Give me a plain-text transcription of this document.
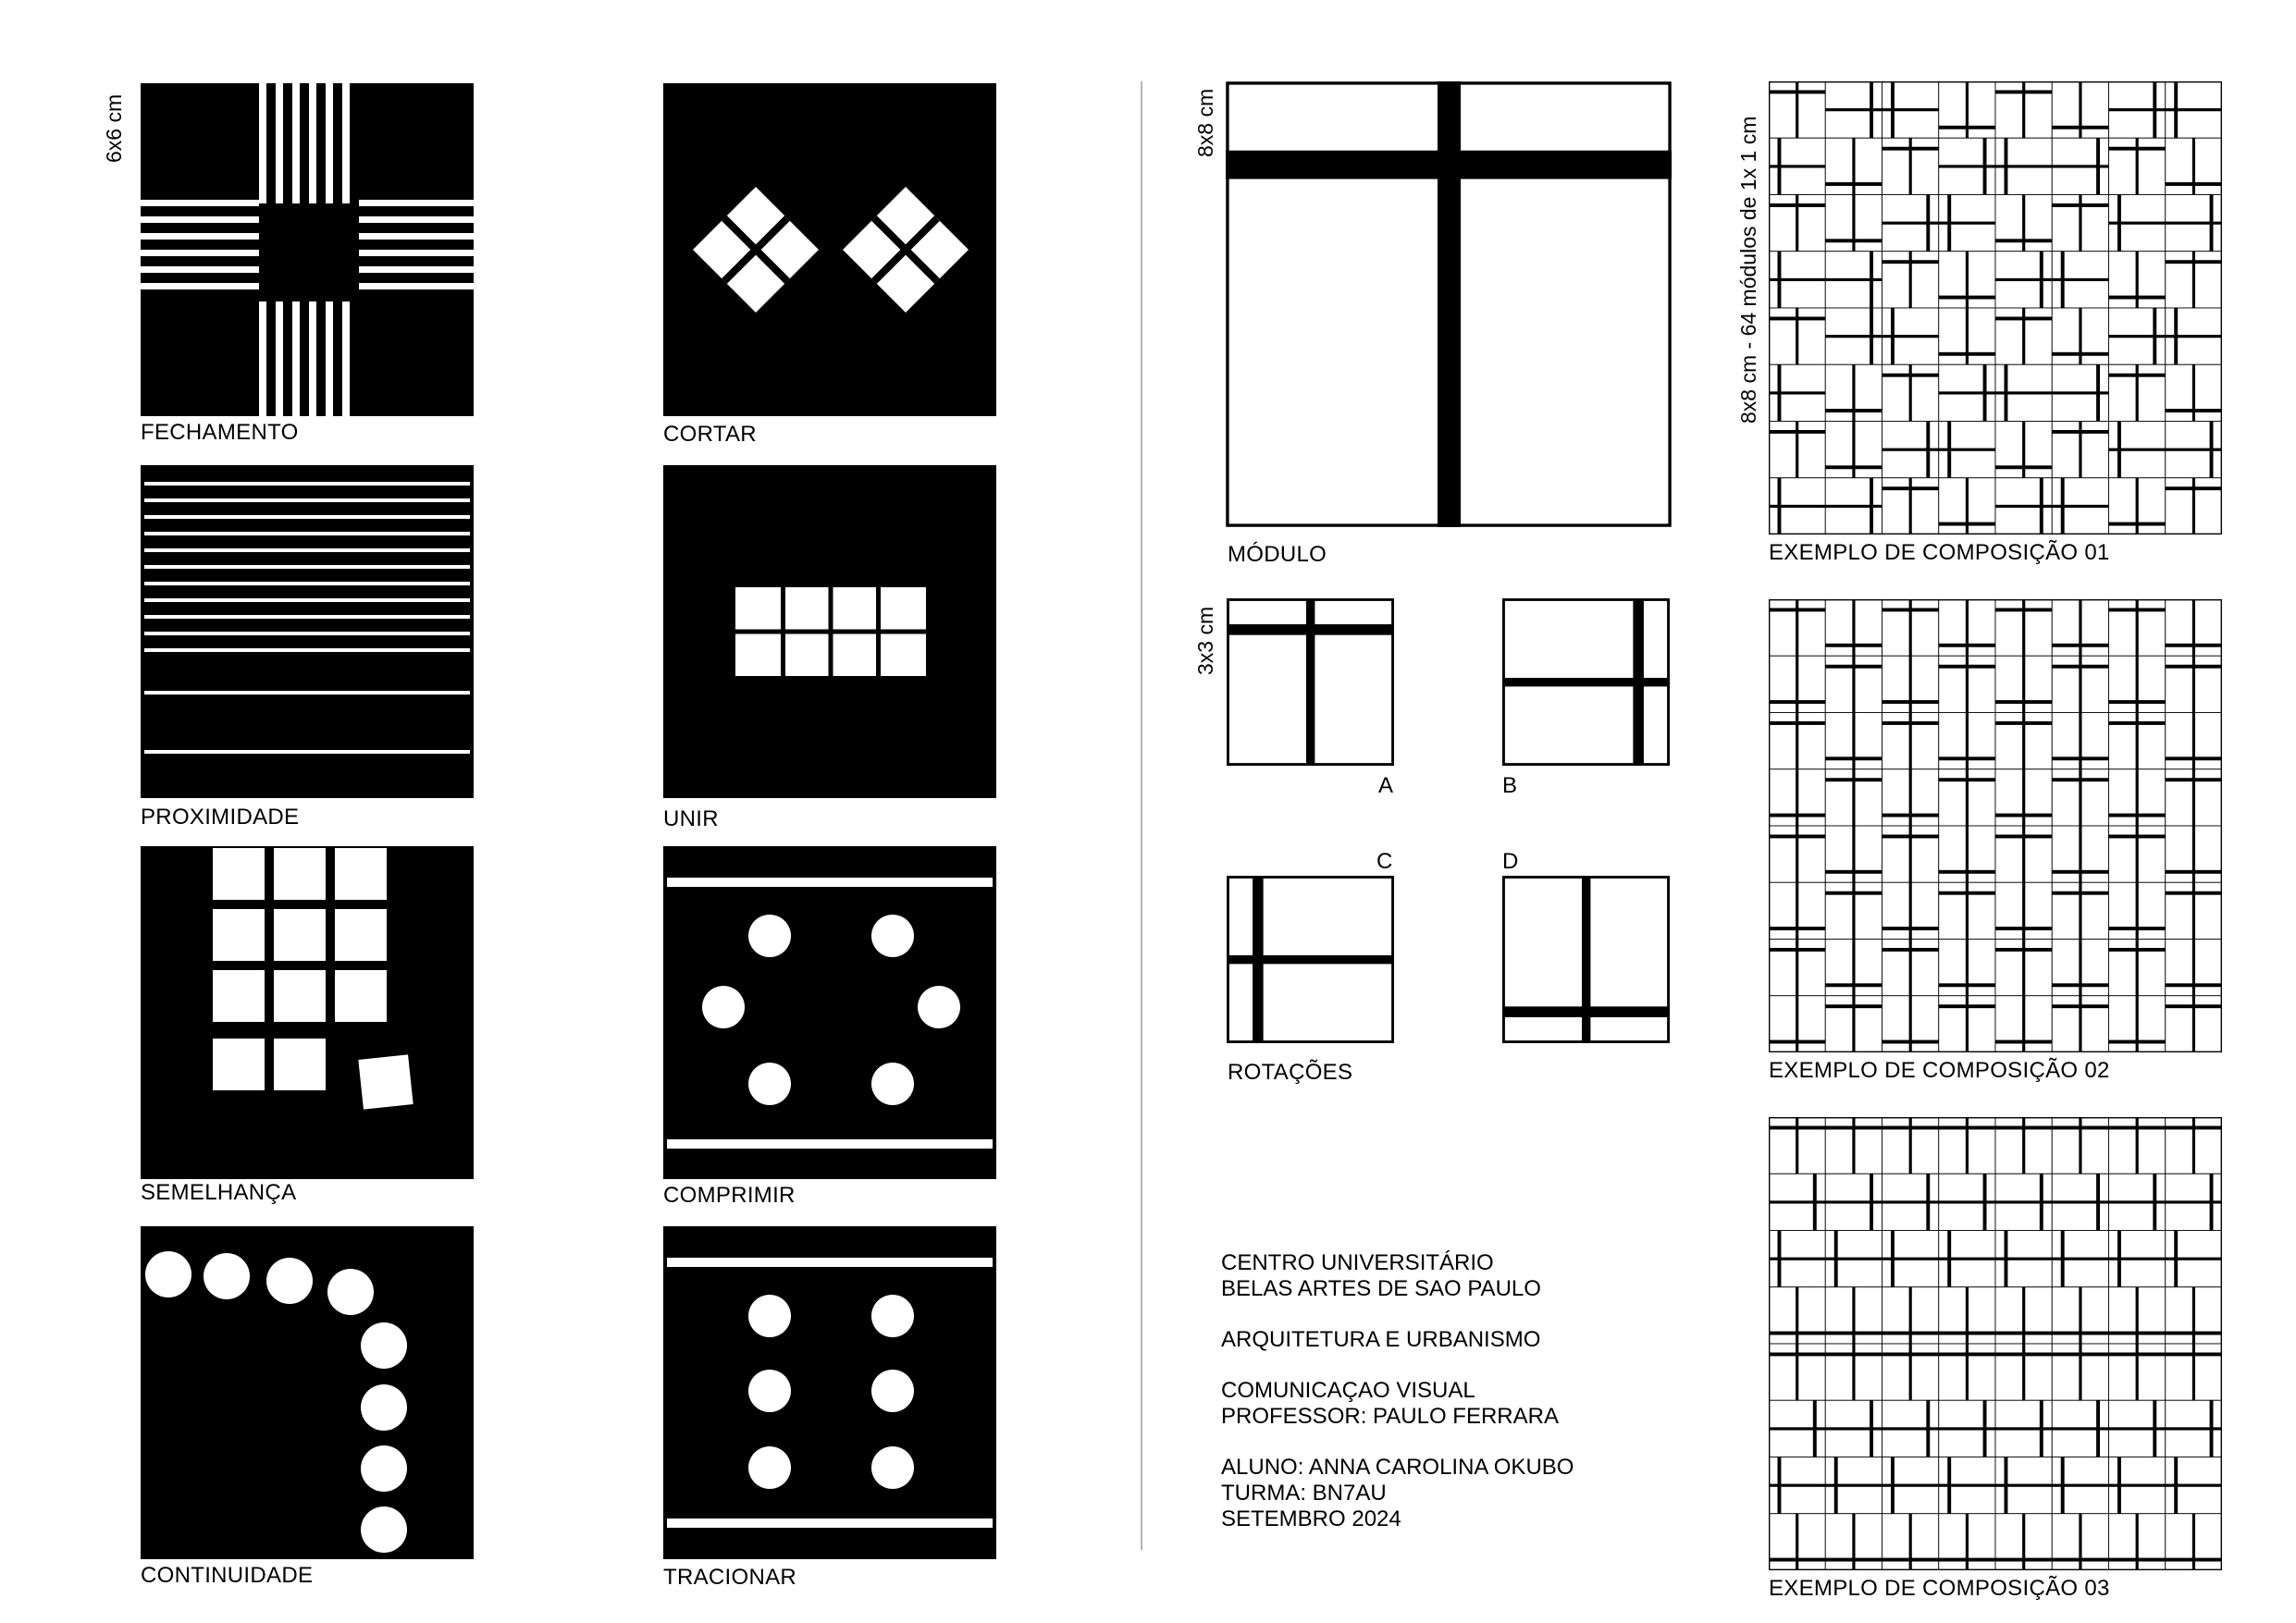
6x6 cm
FECHAMENTO
PROXIMIDADE
SEMELHANÇA
CONTINUIDADE
CORTAR
UNIR
COMPRIMIR
TRACIONAR
8x8 cm
MÓDULO
3x3 cm
A	B
C	D
ROTAÇÕES
CENTRO UNIVERSITÁRIO
BELAS ARTES DE SAO PAULO
ARQUITETURA E URBANISMO
COMUNICAÇAO VISUAL
PROFESSOR: PAULO FERRARA
ALUNO: ANNA CAROLINA OKUBO
TURMA: BN7AU
SETEMBRO 2024
8x8 cm - 64 módulos de 1x 1 cm
EXEMPLO DE COMPOSIÇÃO 01
EXEMPLO DE COMPOSIÇÃO 02
EXEMPLO DE COMPOSIÇÃO 03
